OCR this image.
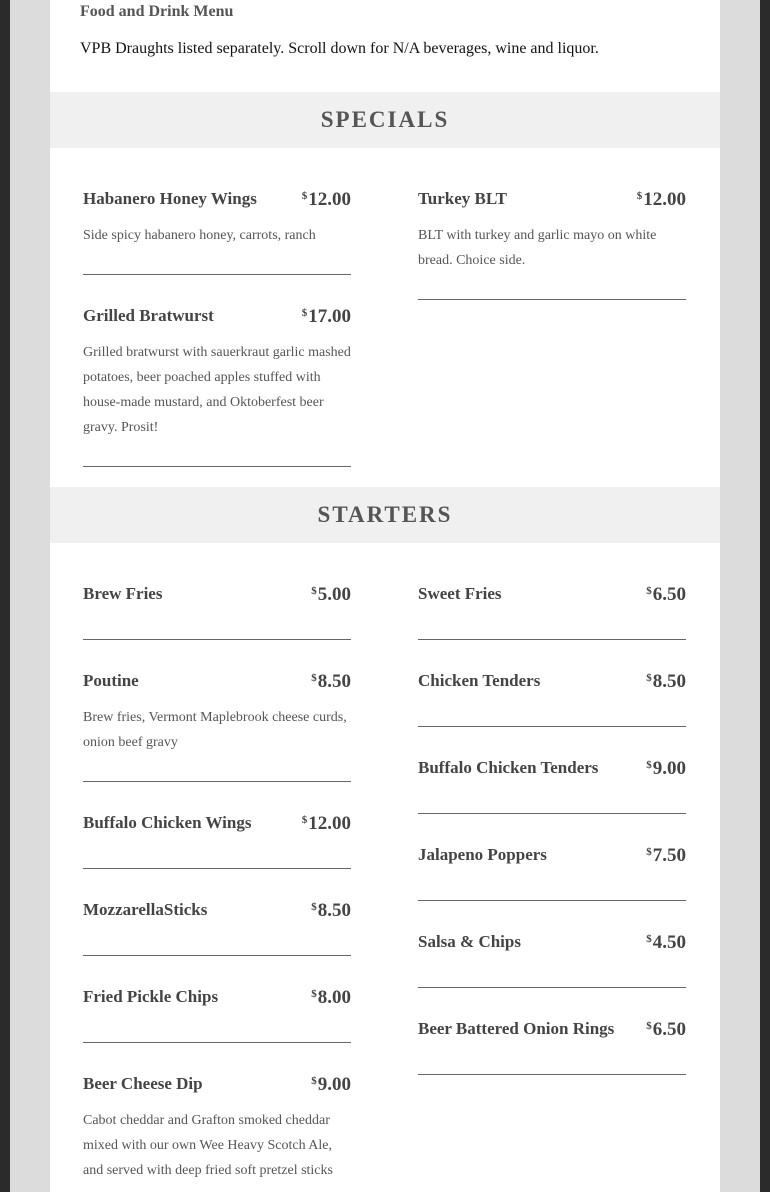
Food and Drink Menu
VPB Draughts listed separately. Scroll down for N/A beverages, wine and liquor.
SPECIALS
Habanero Honey Wings	$12.00
Side spicy habanero honey, carrots, ranch
Turkey BLT	$12.00
BLT with turkey and garlic mayo on white bread. Choice side.
Grilled Bratwurst	$17.00
Grilled bratwurst with sauerkraut garlic mashed potatoes, beer poached apples stuffed with house-made mustard, and Oktoberfest beer gravy. Prosit!
STARTERS
Brew Fries	$5.00	Sweet Fries	$6.50
Poutine	$8.50
Brew fries, Vermont Maplebrook cheese curds, onion beef gravy
Chicken Tenders	$8.50
Buffalo Chicken Tenders	$9.00
Buffalo Chicken Wings	$12.00
Jalapeno Poppers	$7.50
MozzarellaSticks	$8.50
Salsa & Chips	$4.50
Fried Pickle Chips	$8.00
Beer Battered Onion Rings	$6.50
Beer Cheese Dip	$9.00
Cabot cheddar and Grafton smoked cheddar mixed with our own Wee Heavy Scotch Ale, and served with deep fried soft pretzel sticks
